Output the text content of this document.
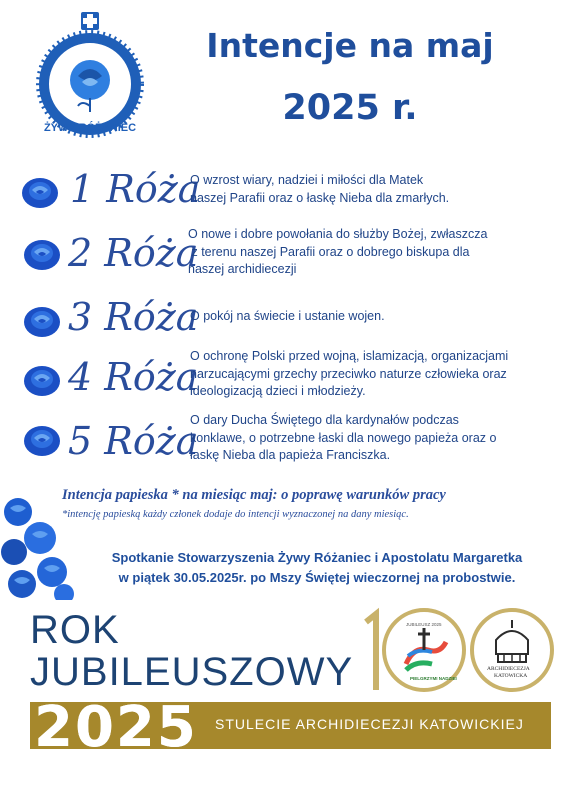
ŻYWY RÓŻANIEC
Intencje na maj
2025 r.
1 Róża
O wzrost wiary, nadziei i miłości dla Matek
naszej Parafii oraz o łaskę Nieba dla zmarłych.
2 Róża
O nowe i dobre powołania do służby Bożej, zwłaszcza
z terenu naszej Parafii oraz o dobrego biskupa dla
naszej archidiecezji
3 Róża
O pokój na świecie i ustanie wojen.
4 Róża
O ochronę Polski przed wojną, islamizacją, organizacjami
narzucającymi grzechy przeciwko naturze człowieka oraz
ideologizacją dzieci i młodzieży.
5 Róża
O dary Ducha Świętego dla kardynałów podczas
konklawe, o potrzebne łaski dla nowego papieża oraz o
łaskę Nieba dla papieża Franciszka.
Intencja papieska * na miesiąc maj: o poprawę warunków pracy
*intencję papieską każdy członek dodaje do intencji wyznaczonej na dany miesiąc.
Spotkanie Stowarzyszenia Żywy Różaniec i Apostolatu Margaretka
w piątek 30.05.2025r. po Mszy Świętej wieczornej na probostwie.
ROK
JUBILEUSZOWY
JUBILEUSZ 2025
PIELGRZYMI NADZIEI
ARCHIDIECEZJA
KATOWICKA
2025 STULECIE ARCHIDIECEZJI KATOWICKIEJ
